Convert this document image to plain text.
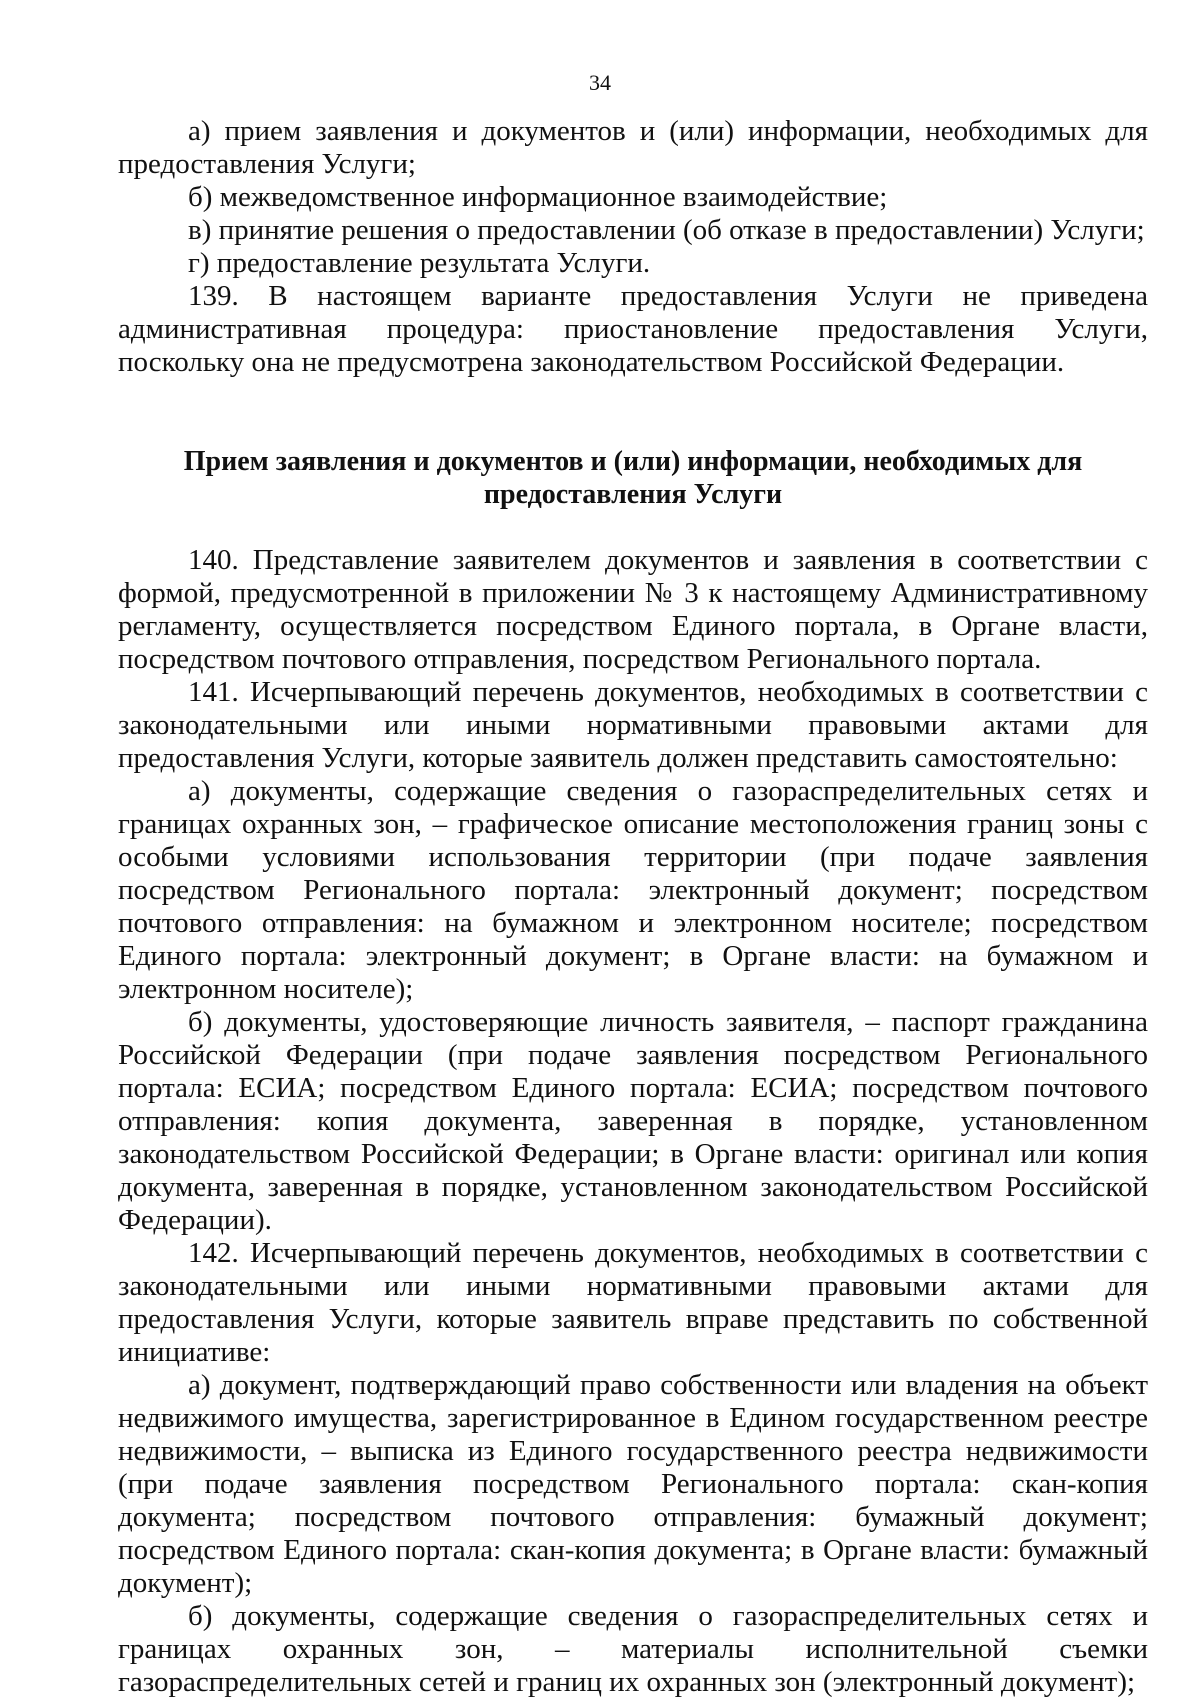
34

а) прием заявления и документов и (или) информации, необходимых для предоставления Услуги;

б) межведомственное информационное взаимодействие;

в) принятие решения о предоставлении (об отказе в предоставлении) Услуги;

г) предоставление результата Услуги.

139. В настоящем варианте предоставления Услуги не приведена административная процедура: приостановление предоставления Услуги, поскольку она не предусмотрена законодательством Российской Федерации.

Прием заявления и документов и (или) информации, необходимых для предоставления Услуги

140. Представление заявителем документов и заявления в соответствии с формой, предусмотренной в приложении № 3 к настоящему Административному регламенту, осуществляется посредством Единого портала, в Органе власти, посредством почтового отправления, посредством Регионального портала.

141. Исчерпывающий перечень документов, необходимых в соответствии с законодательными или иными нормативными правовыми актами для предоставления Услуги, которые заявитель должен представить самостоятельно:

а) документы, содержащие сведения о газораспределительных сетях и границах охранных зон, – графическое описание местоположения границ зоны с особыми условиями использования территории (при подаче заявления посредством Регионального портала: электронный документ; посредством почтового отправления: на бумажном и электронном носителе; посредством Единого портала: электронный документ; в Органе власти: на бумажном и электронном носителе);

б) документы, удостоверяющие личность заявителя, – паспорт гражданина Российской Федерации (при подаче заявления посредством Регионального портала: ЕСИА; посредством Единого портала: ЕСИА; посредством почтового отправления: копия документа, заверенная в порядке, установленном законодательством Российской Федерации; в Органе власти: оригинал или копия документа, заверенная в порядке, установленном законодательством Российской Федерации).

142. Исчерпывающий перечень документов, необходимых в соответствии с законодательными или иными нормативными правовыми актами для предоставления Услуги, которые заявитель вправе представить по собственной инициативе:

а) документ, подтверждающий право собственности или владения на объект недвижимого имущества, зарегистрированное в Едином государственном реестре недвижимости, – выписка из Единого государственного реестра недвижимости (при подаче заявления посредством Регионального портала: скан-копия документа; посредством почтового отправления: бумажный документ; посредством Единого портала: скан-копия документа; в Органе власти: бумажный документ);

б) документы, содержащие сведения о газораспределительных сетях и границах охранных зон, – материалы исполнительной съемки газораспределительных сетей и границ их охранных зон (электронный документ);
